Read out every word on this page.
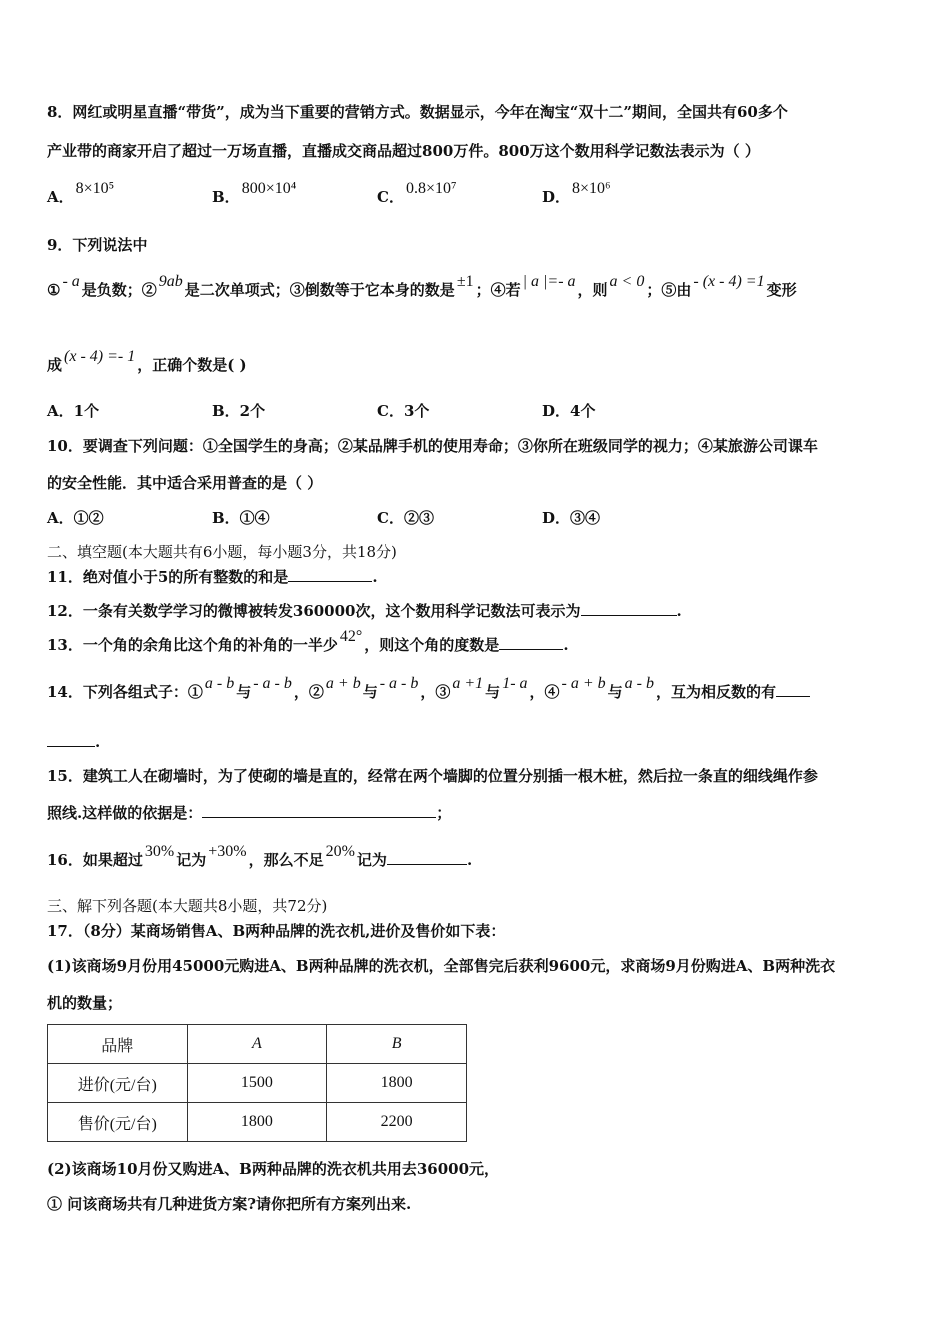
8．网红或明星直播“带货”，成为当下重要的营销方式。数据显示，今年在淘宝“双十二”期间，全国共有60多个
产业带的商家开启了超过一万场直播，直播成交商品超过800万件。800万这个数用科学记数法表示为（ ）
A． 8×10⁵	B． 800×10⁴	C． 0.8×10⁷	D． 8×10⁶
9．下列说法中
① - a 是负数；② 9ab 是二次单项式；③倒数等于它本身的数是 ±1 ；④若 | a |=- a ，则 a < 0 ；⑤由 - (x - 4) =1 变形
成 (x - 4) =- 1 ，正确个数是( )
A．1个	B．2个	C．3个	D．4个
10．要调查下列问题：①全国学生的身高；②某品牌手机的使用寿命；③你所在班级同学的视力；④某旅游公司课车
的安全性能．其中适合采用普查的是（ ）
A．①②	B．①④	C．②③	D．③④
二、填空题(本大题共有6小题，每小题3分，共18分)
11．绝对值小于5的所有整数的和是	.
12．一条有关数学学习的微博被转发360000次，这个数用科学记数法可表示为	.
13．一个角的余角比这个角的补角的一半少 42° ，则这个角的度数是	.
14．下列各组式子：① a - b 与 - a - b ，② a + b 与 - a - b ，③ a +1 与 1- a ，④ - a + b 与 a - b ，互为相反数的有
.
15．建筑工人在砌墙时，为了使砌的墙是直的，经常在两个墙脚的位置分别插一根木桩，然后拉一条直的细线绳作参
照线.这样做的依据是：	；
16．如果超过 30% 记为 +30% ，那么不足 20% 记为	.
三、解下列各题(本大题共8小题，共72分)
17．（8分）某商场销售A、B两种品牌的洗衣机,进价及售价如下表：
(1)该商场9月份用45000元购进A、B两种品牌的洗衣机，全部售完后获利9600元，求商场9月份购进A、B两种洗衣
机的数量；
品牌	A	B
进价(元/台)	1500	1800
售价(元/台)	1800	2200
(2)该商场10月份又购进A、B两种品牌的洗衣机共用去36000元，
① 问该商场共有几种进货方案?请你把所有方案列出来.
